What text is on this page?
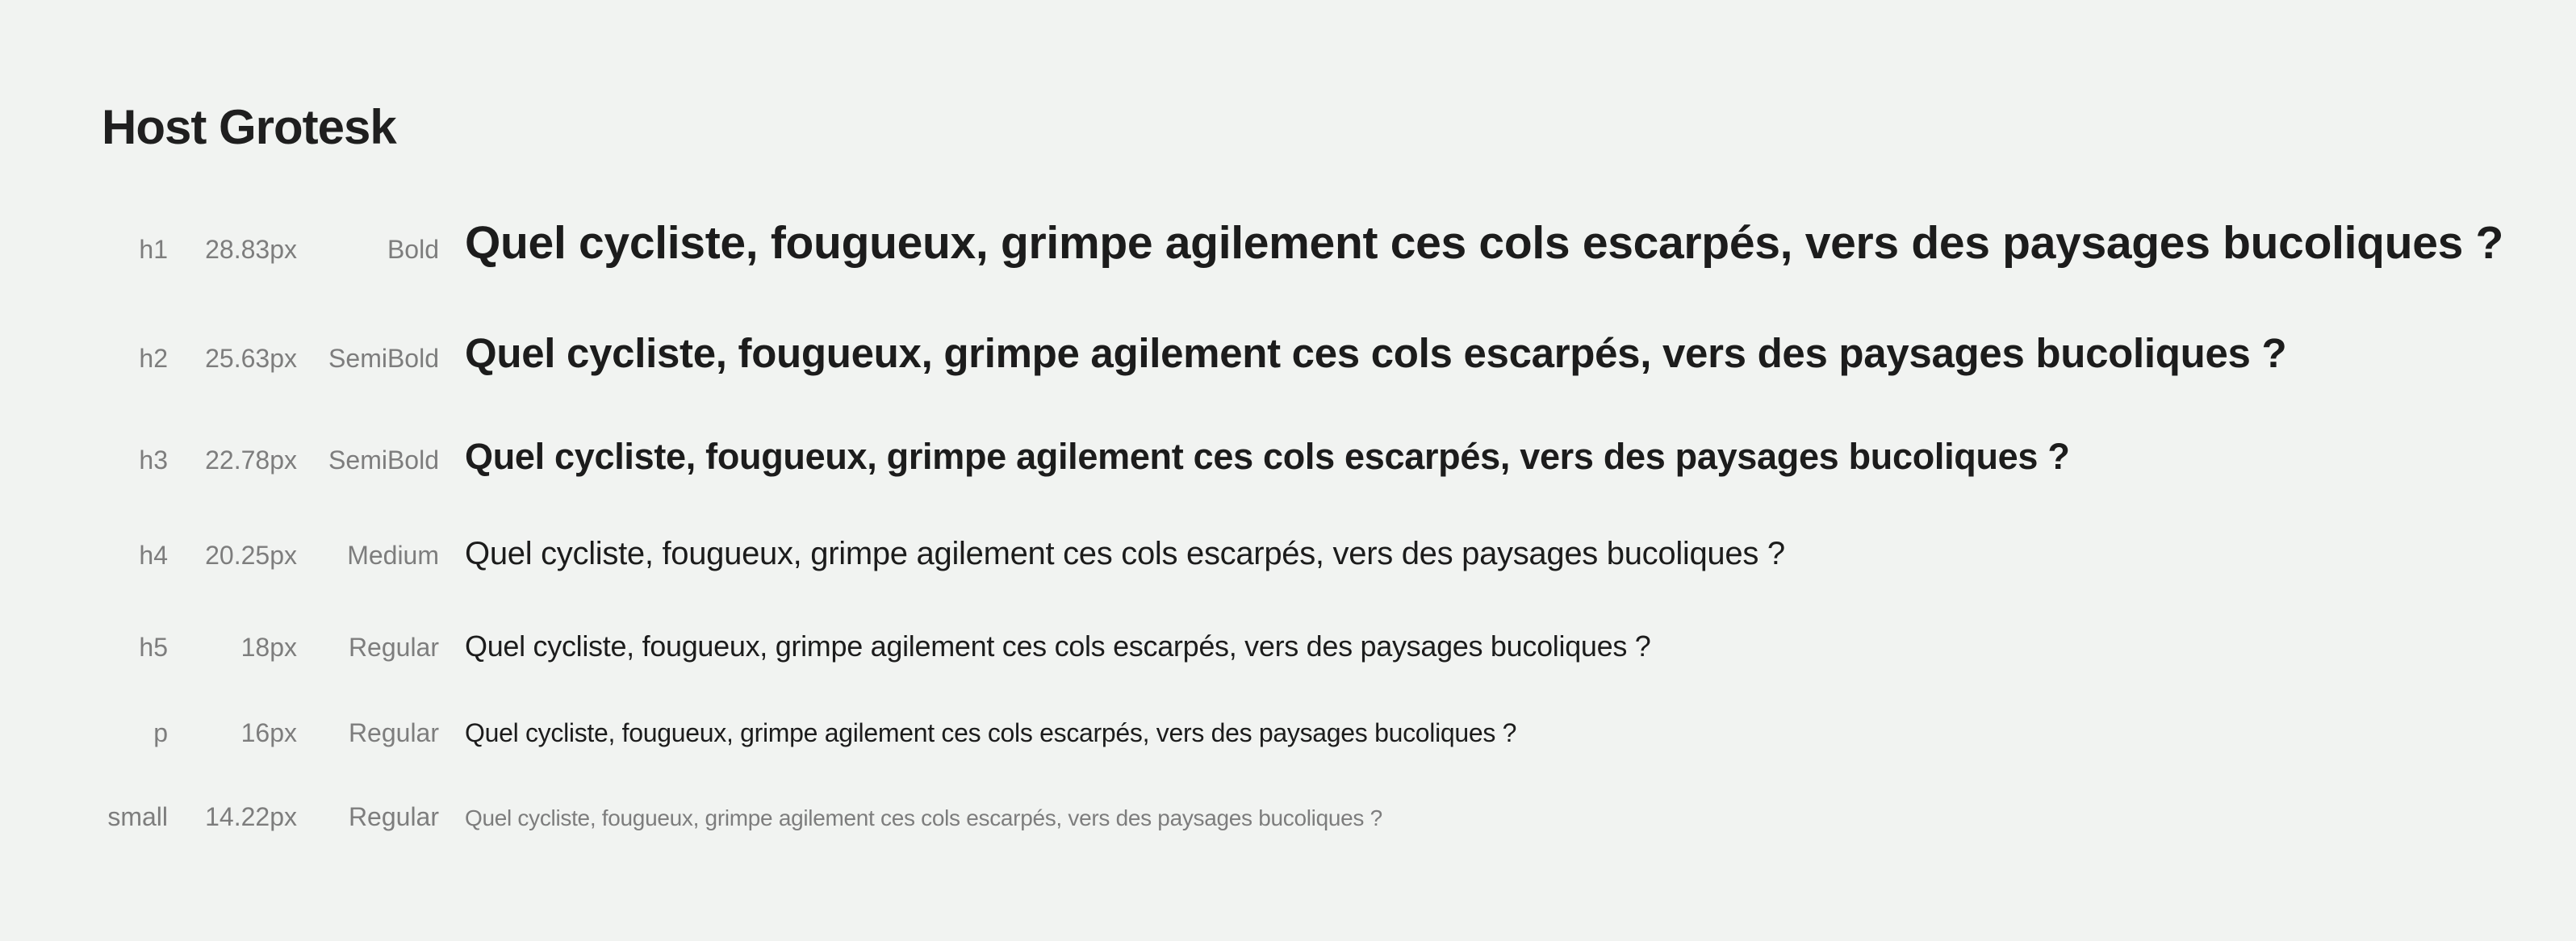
Host Grotesk
h1	28.83px	Bold Quel cycliste, fougueux, grimpe agilement ces cols escarpés, vers des paysages bucoliques ?
h2	25.63px	SemiBold Quel cycliste, fougueux, grimpe agilement ces cols escarpés, vers des paysages bucoliques ?
h3	22.78px	SemiBold Quel cycliste, fougueux, grimpe agilement ces cols escarpés, vers des paysages bucoliques ?
h4	20.25px	Medium Quel cycliste, fougueux, grimpe agilement ces cols escarpés, vers des paysages bucoliques ?
h5	18px	Regular Quel cycliste, fougueux, grimpe agilement ces cols escarpés, vers des paysages bucoliques ?
p	16px	Regular Quel cycliste, fougueux, grimpe agilement ces cols escarpés, vers des paysages bucoliques ?
small	14.22px	Regular Quel cycliste, fougueux, grimpe agilement ces cols escarpés, vers des paysages bucoliques ?
